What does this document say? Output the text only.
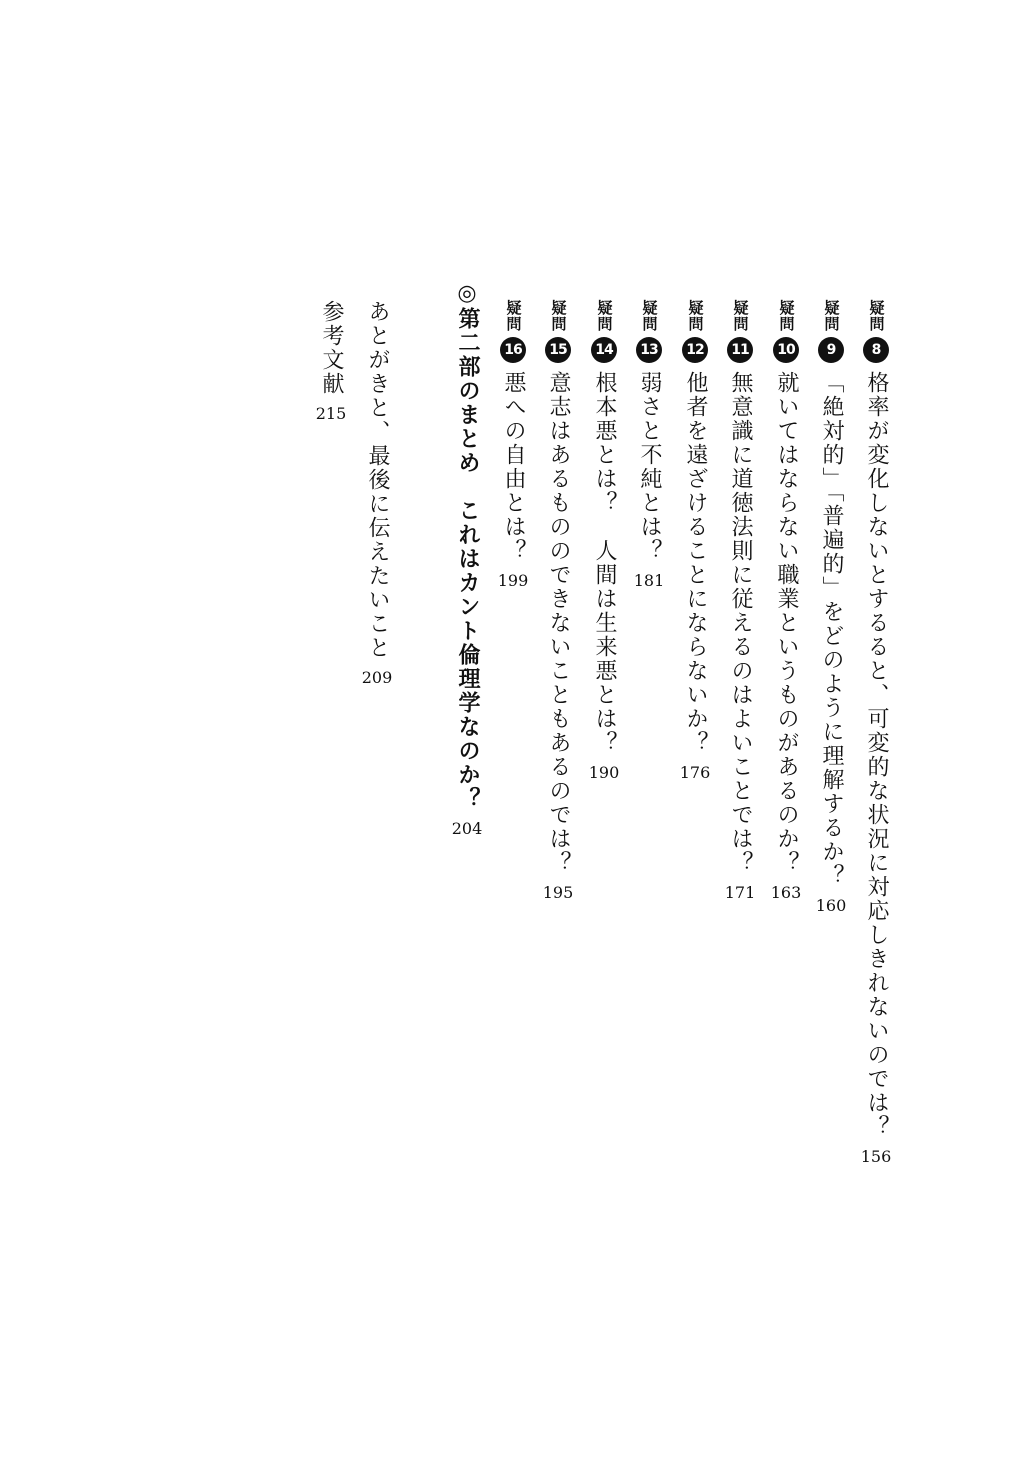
疑問
8
格率が変化しないとするると、可変的な状況に対応しきれないのでは？
156
疑問
9
「絶対的」「普遍的」をどのように理解するか？
160
疑問
10
就いてはならない職業というものがあるのか？
163
疑問
11
無意識に道徳法則に従えるのはよいことでは？
171
疑問
12
他者を遠ざけることにならないか？
176
疑問
13
弱さと不純とは？
181
疑問
14
根本悪とは？　人間は生来悪とは？
190
疑問
15
意志はあるもののできないこともあるのでは？
195
疑問
16
悪への自由とは？
199
◎
第二部のまとめ　これはカント倫理学なのか？
204
あとがきと、最後に伝えたいこと
209
参考文献
215
